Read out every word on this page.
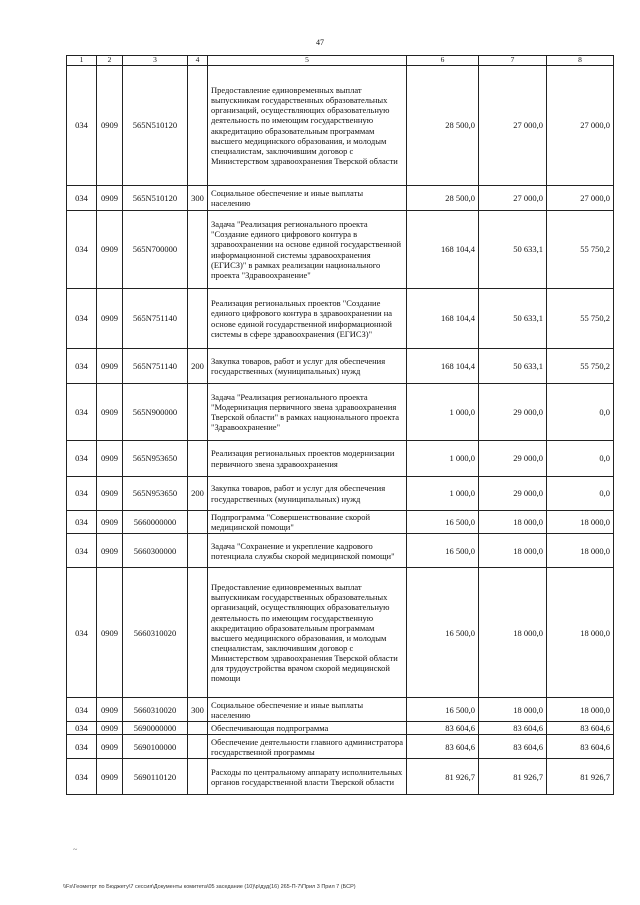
47
1	2	3	4	5	6	7	8
034	0909	565N510120		Предоставление единовременных выплат выпускникам государственных образовательных организаций, осуществляющих образовательную деятельность по имеющим государственную аккредитацию образовательным программам высшего медицинского образования, и молодым специалистам, заключившим договор с Министерством здравоохранения Тверской области	28 500,0	27 000,0	27 000,0
034	0909	565N510120	300	Социальное обеспечение и иные выплаты населению	28 500,0	27 000,0	27 000,0
034	0909	565N700000		Задача "Реализация регионального проекта "Создание единого цифрового контура в здравоохранении на основе единой государственной информационной системы здравоохранения (ЕГИСЗ)" в рамках реализации национального проекта "Здравоохранение"	168 104,4	50 633,1	55 750,2
034	0909	565N751140		Реализация региональных проектов "Создание единого цифрового контура в здравоохранении на основе единой государственной информационной системы в сфере здравоохранения (ЕГИСЗ)"	168 104,4	50 633,1	55 750,2
034	0909	565N751140	200	Закупка товаров, работ и услуг для обеспечения государственных (муниципальных) нужд	168 104,4	50 633,1	55 750,2
034	0909	565N900000		Задача "Реализация регионального проекта "Модернизация первичного звена здравоохранения Тверской области" в рамках национального проекта "Здравоохранение"	1 000,0	29 000,0	0,0
034	0909	565N953650		Реализация региональных проектов модернизации первичного звена здравоохранения	1 000,0	29 000,0	0,0
034	0909	565N953650	200	Закупка товаров, работ и услуг для обеспечения государственных (муниципальных) нужд	1 000,0	29 000,0	0,0
034	0909	5660000000		Подпрограмма "Совершенствование скорой медицинской помощи"	16 500,0	18 000,0	18 000,0
034	0909	5660300000		Задача "Сохранение и укрепление кадрового потенциала службы скорой медицинской помощи"	16 500,0	18 000,0	18 000,0
034	0909	5660310020		Предоставление единовременных выплат выпускникам государственных образовательных организаций, осуществляющих образовательную деятельность по имеющим государственную аккредитацию образовательным программам высшего медицинского образования, и молодым специалистам, заключившим договор с Министерством здравоохранения Тверской области для трудоустройства врачом скорой медицинской помощи	16 500,0	18 000,0	18 000,0
034	0909	5660310020	300	Социальное обеспечение и иные выплаты населению	16 500,0	18 000,0	18 000,0
034	0909	5690000000		Обеспечивающая подпрограмма	83 604,6	83 604,6	83 604,6
034	0909	5690100000		Обеспечение деятельности главного администратора государственной программы	83 604,6	83 604,6	83 604,6
034	0909	5690110120		Расходы по центральному аппарату исполнительных органов государственной власти Тверской области	81 926,7	81 926,7	81 926,7
~
\\Fs\Геометрт по Бюджету\7 сессия\Документы комитета\05 заседание (10)\р\дуд(16) 265-П-7\Прил 3 Прил 7 (БСР)
